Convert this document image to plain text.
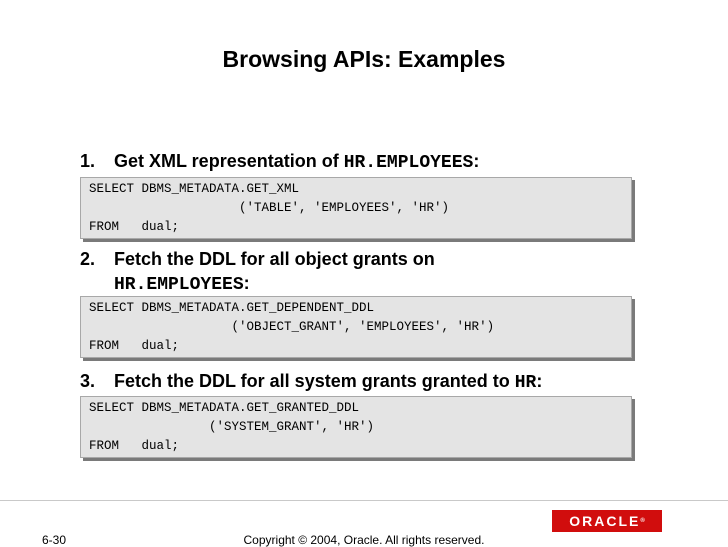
Browsing APIs: Examples
1. Get XML representation of HR.EMPLOYEES:
SELECT DBMS_METADATA.GET_XML
('TABLE', 'EMPLOYEES', 'HR')
FROM   dual;
2. Fetch the DDL for all object grants on
HR.EMPLOYEES:
SELECT DBMS_METADATA.GET_DEPENDENT_DDL
('OBJECT_GRANT', 'EMPLOYEES', 'HR')
FROM   dual;
3. Fetch the DDL for all system grants granted to HR:
SELECT DBMS_METADATA.GET_GRANTED_DDL
('SYSTEM_GRANT', 'HR')
FROM   dual;
ORACLE®
6-30	Copyright © 2004, Oracle. All rights reserved.
